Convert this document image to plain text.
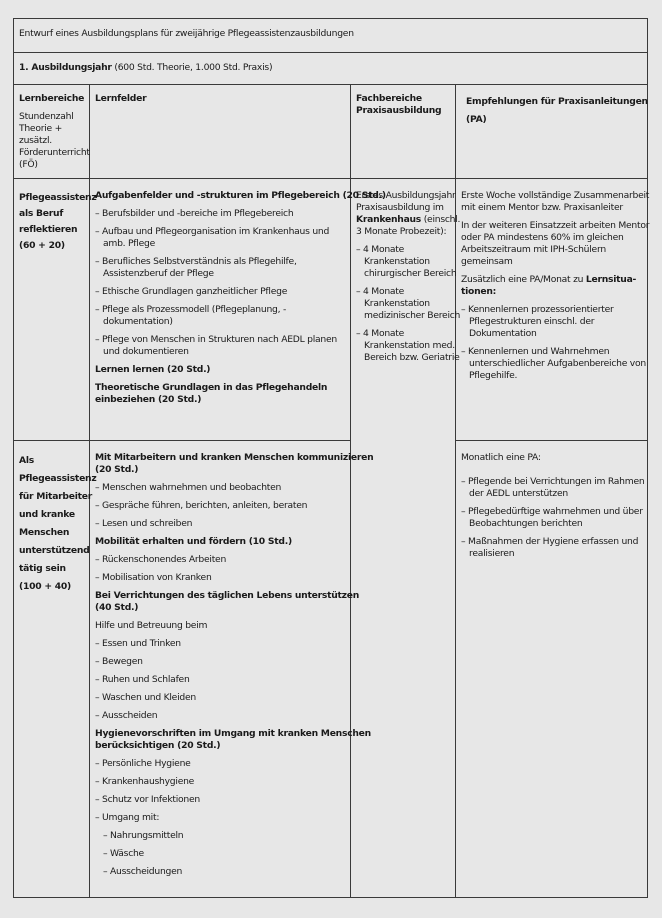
Entwurf eines Ausbildungsplans für zweijährige Pflegeassistenzausbildungen
1. Ausbildungsjahr (600 Std. Theorie, 1.000 Std. Praxis)
Lernbereiche
Stundenzahl
Theorie +
zusätzl.
Förderunterricht
(FÖ)
Lernfelder	Fachbereiche
Praxisausbildung
Empfehlungen für Praxisanleitungen
(PA)
Pflegeassistenz
als Beruf
reflektieren
(60 + 20)

Aufgabenfelder und -strukturen im Pflegebereich (20 Std.)

– Berufsbilder und -bereiche im Pflegebereich

– Aufbau und Pflegeorganisation im Krankenhaus und
amb. Pflege

– Berufliches Selbstverständnis als Pflegehilfe,
Assistenzberuf der Pflege

– Ethische Grundlagen ganzheitlicher Pflege

– Pflege als Prozessmodell (Pflegeplanung, -
dokumentation)

– Pflege von Menschen in Strukturen nach AEDL planen
und dokumentieren

Lernen lernen (20 Std.)

Theoretische Grundlagen in das Pflegehandeln
einbeziehen (20 Std.)

Erstes Ausbildungsjahr
Praxisausbildung im
Krankenhaus (einschl.
3 Monate Probezeit):

– 4 Monate
Krankenstation
chirurgischer Bereich

– 4 Monate
Krankenstation
medizinischer Bereich

– 4 Monate
Krankenstation med.
Bereich bzw. Geriatrie

Erste Woche vollständige Zusammenarbeit
mit einem Mentor bzw. Praxisanleiter

In der weiteren Einsatzzeit arbeiten Mentor
oder PA mindestens 60% im gleichen
Arbeitszeitraum mit IPH-Schülern
gemeinsam

Zusätzlich eine PA/Monat zu Lernsitua-
tionen:

– Kennenlernen prozessorientierter
Pflegestrukturen einschl. der
Dokumentation

– Kennenlernen und Wahrnehmen
unterschiedlicher Aufgabenbereiche von
Pflegehilfe.

Als
Pflegeassistenz
für Mitarbeiter
und kranke
Menschen
unterstützend
tätig sein
(100 + 40)

Mit Mitarbeitern und kranken Menschen kommunizieren
(20 Std.)

– Menschen wahrnehmen und beobachten

– Gespräche führen, berichten, anleiten, beraten

– Lesen und schreiben

Mobilität erhalten und fördern (10 Std.)

– Rückenschonendes Arbeiten

– Mobilisation von Kranken

Bei Verrichtungen des täglichen Lebens unterstützen
(40 Std.)

Hilfe und Betreuung beim

– Essen und Trinken

– Bewegen

– Ruhen und Schlafen

– Waschen und Kleiden

– Ausscheiden

Hygienevorschriften im Umgang mit kranken Menschen
berücksichtigen (20 Std.)

– Persönliche Hygiene

– Krankenhaushygiene

– Schutz vor Infektionen

– Umgang mit:

– Nahrungsmitteln

– Wäsche

– Ausscheidungen

Monatlich eine PA:

– Pflegende bei Verrichtungen im Rahmen
der AEDL unterstützen

– Pflegebedürftige wahrnehmen und über
Beobachtungen berichten

– Maßnahmen der Hygiene erfassen und
realisieren
